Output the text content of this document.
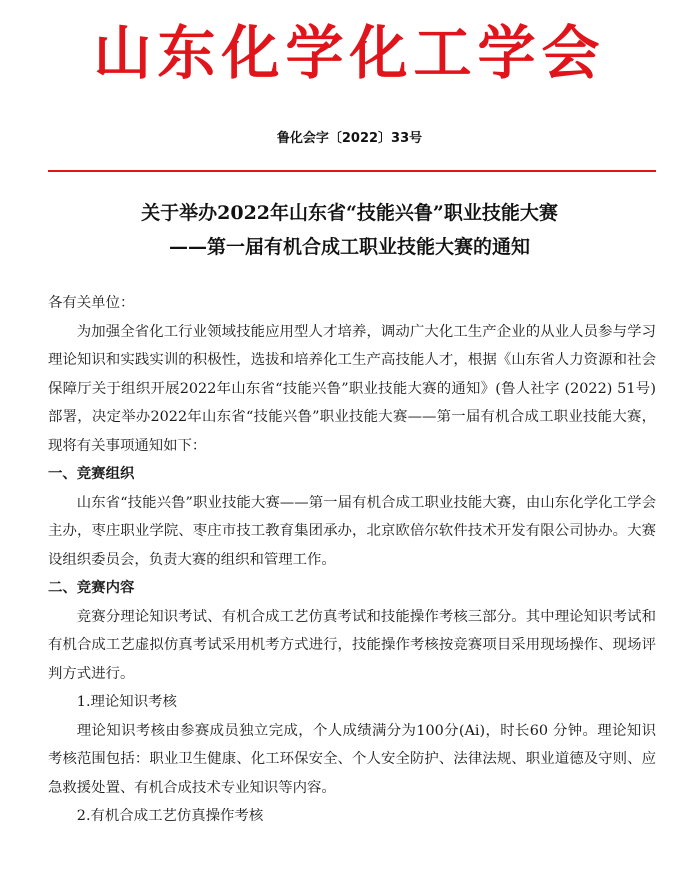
山东化学化工学会
鲁化会字〔2022〕33号
关于举办2022年山东省“技能兴鲁”职业技能大赛
——第一届有机合成工职业技能大赛的通知

各有关单位：

为加强全省化工行业领域技能应用型人才培养，调动广大化工生产企业的从业人员参与学习理论知识和实践实训的积极性，选拔和培养化工生产高技能人才，根据《山东省人力资源和社会保障厅关于组织开展2022年山东省“技能兴鲁”职业技能大赛的通知》(鲁人社字 (2022) 51号)部署，决定举办2022年山东省“技能兴鲁”职业技能大赛——第一届有机合成工职业技能大赛，现将有关事项通知如下：

一、竞赛组织

山东省“技能兴鲁”职业技能大赛——第一届有机合成工职业技能大赛，由山东化学化工学会主办，枣庄职业学院、枣庄市技工教育集团承办，北京欧倍尔软件技术开发有限公司协办。大赛设组织委员会，负责大赛的组织和管理工作。

二、竞赛内容

竞赛分理论知识考试、有机合成工艺仿真考试和技能操作考核三部分。其中理论知识考试和有机合成工艺虚拟仿真考试采用机考方式进行，技能操作考核按竞赛项目采用现场操作、现场评判方式进行。

1.理论知识考核

理论知识考核由参赛成员独立完成，个人成绩满分为100分(Ai)，时长60 分钟。理论知识考核范围包括：职业卫生健康、化工环保安全、个人安全防护、法律法规、职业道德及守则、应急救援处置、有机合成技术专业知识等内容。

2.有机合成工艺仿真操作考核
